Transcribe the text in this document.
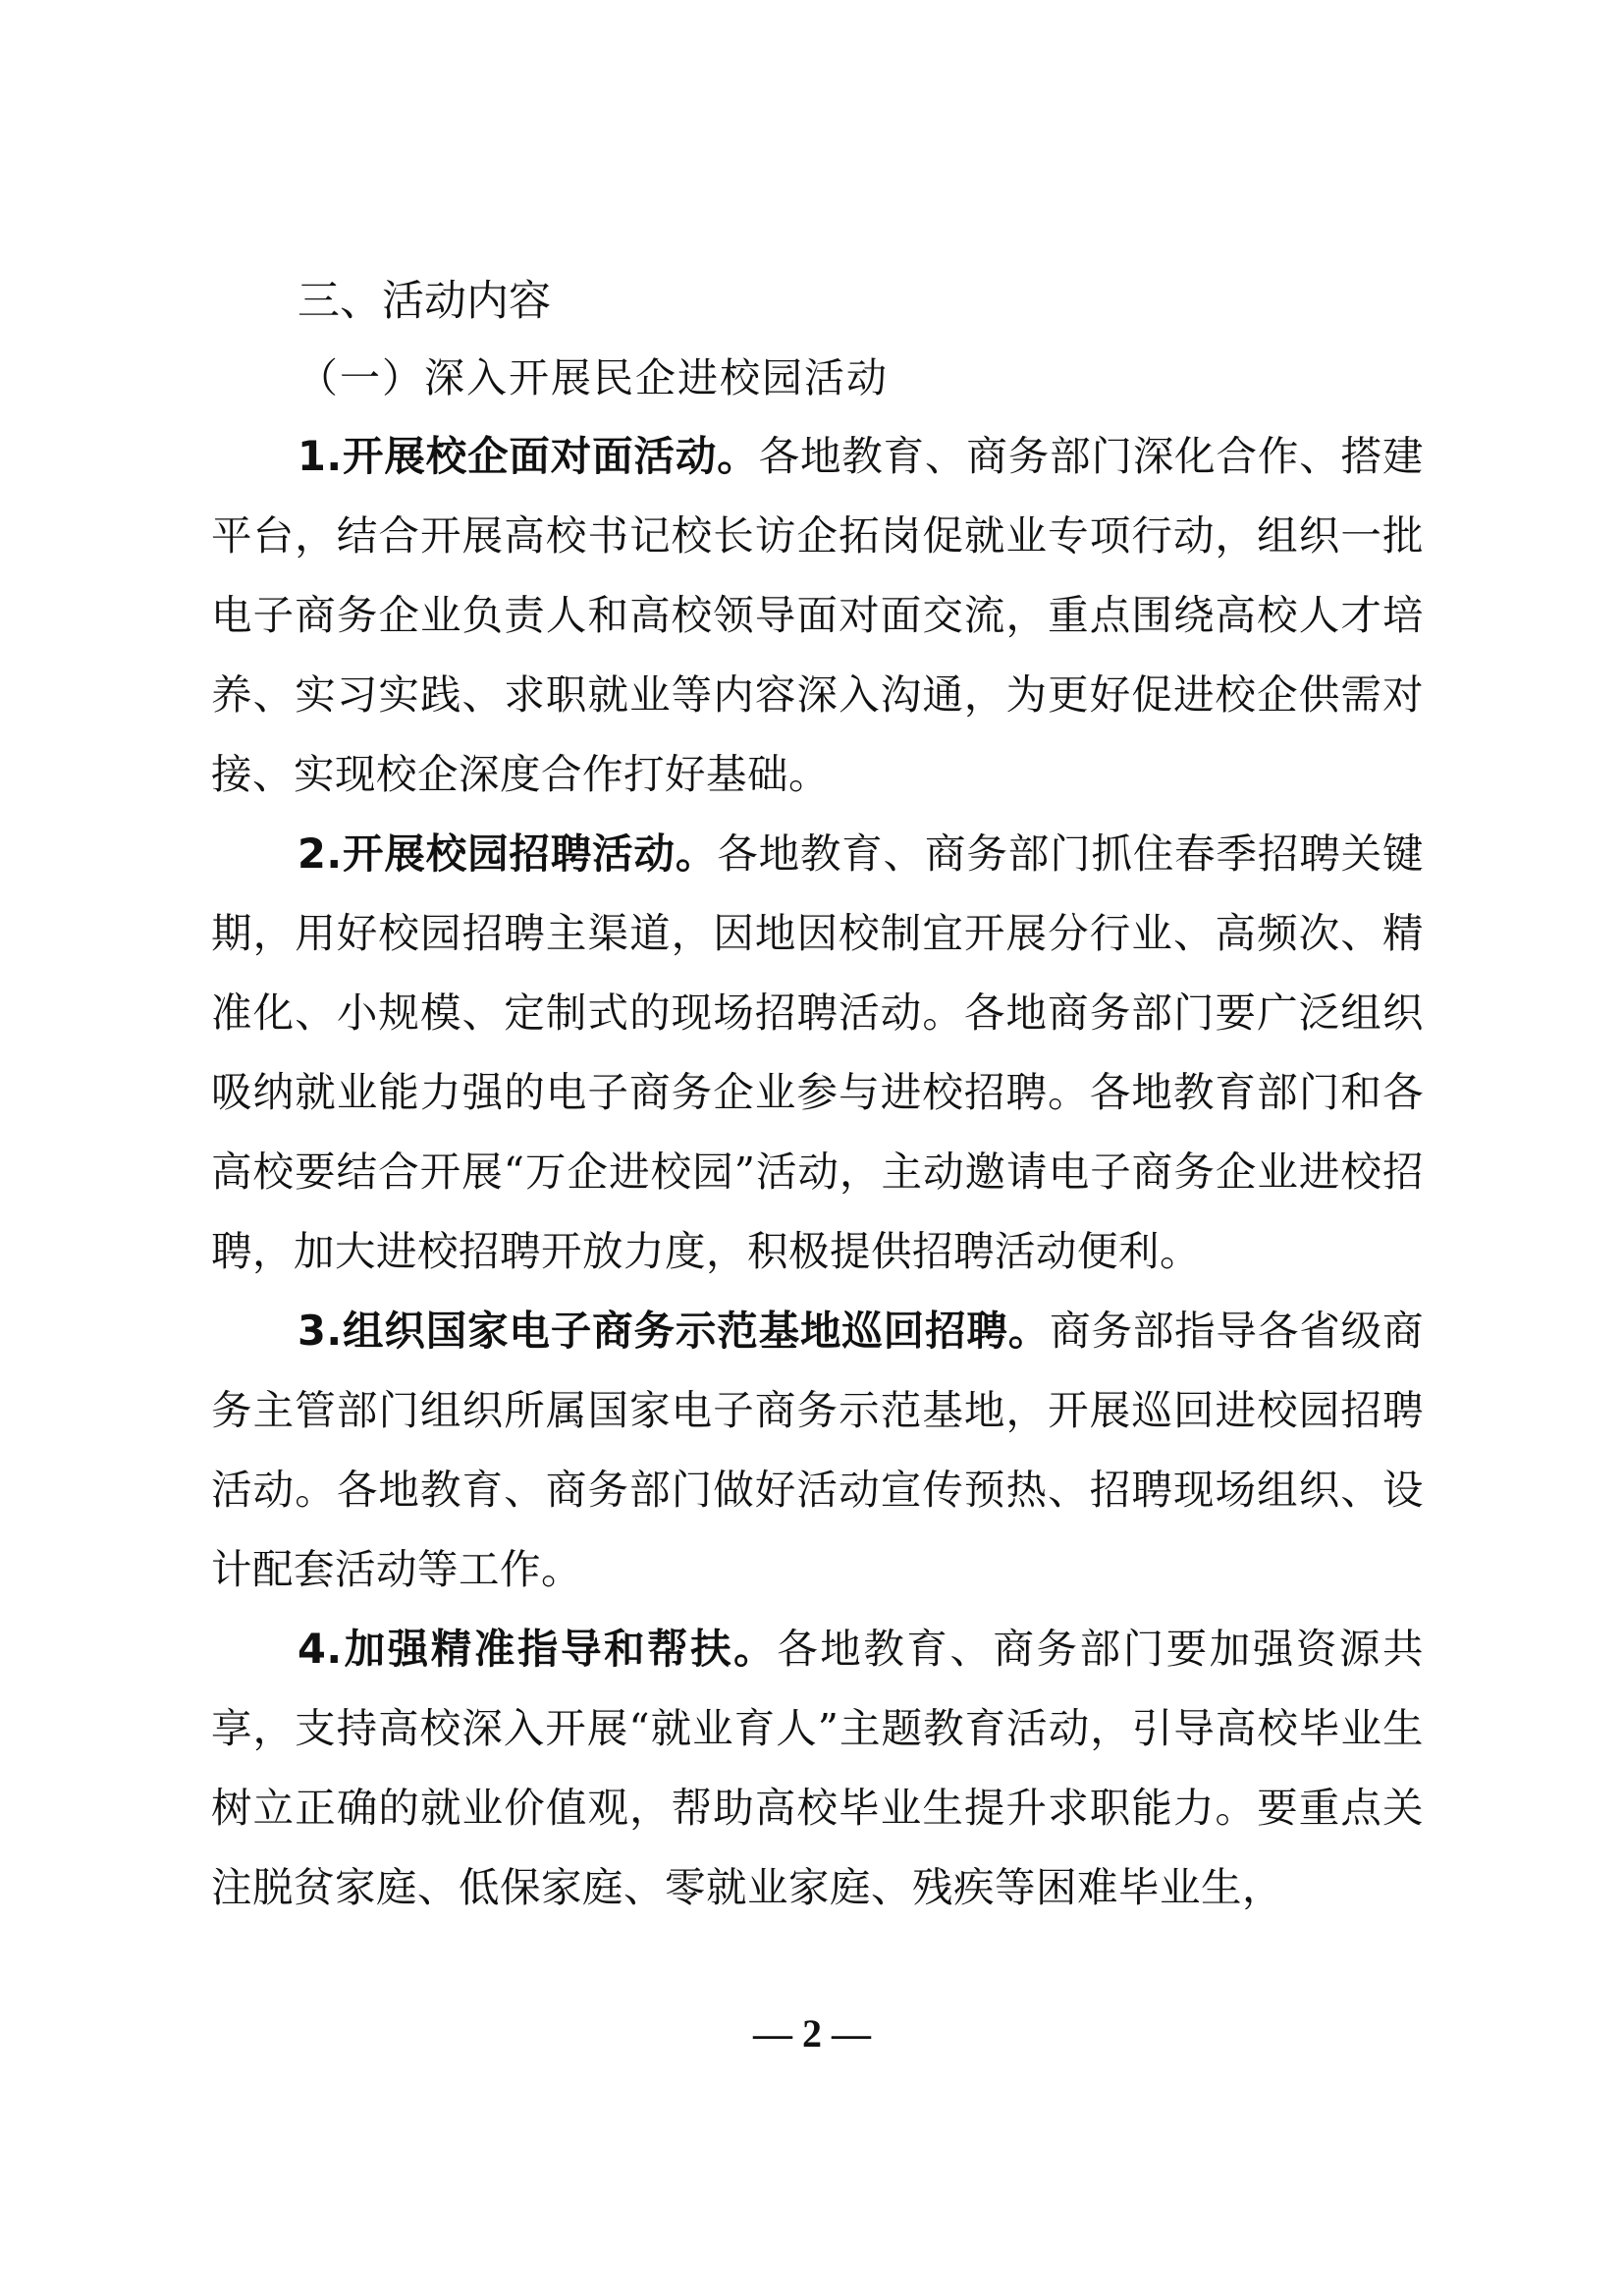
三、活动内容
（一）深入开展民企进校园活动

1.开展校企面对面活动。各地教育、商务部门深化合作、搭建平台，结合开展高校书记校长访企拓岗促就业专项行动，组织一批电子商务企业负责人和高校领导面对面交流，重点围绕高校人才培养、实习实践、求职就业等内容深入沟通，为更好促进校企供需对接、实现校企深度合作打好基础。

2.开展校园招聘活动。各地教育、商务部门抓住春季招聘关键期，用好校园招聘主渠道，因地因校制宜开展分行业、高频次、精准化、小规模、定制式的现场招聘活动。各地商务部门要广泛组织吸纳就业能力强的电子商务企业参与进校招聘。各地教育部门和各高校要结合开展“万企进校园”活动，主动邀请电子商务企业进校招聘，加大进校招聘开放力度，积极提供招聘活动便利。

3.组织国家电子商务示范基地巡回招聘。商务部指导各省级商务主管部门组织所属国家电子商务示范基地，开展巡回进校园招聘活动。各地教育、商务部门做好活动宣传预热、招聘现场组织、设计配套活动等工作。

4.加强精准指导和帮扶。各地教育、商务部门要加强资源共享，支持高校深入开展“就业育人”主题教育活动，引导高校毕业生树立正确的就业价值观，帮助高校毕业生提升求职能力。要重点关注脱贫家庭、低保家庭、零就业家庭、残疾等困难毕业生，

— 2 —
